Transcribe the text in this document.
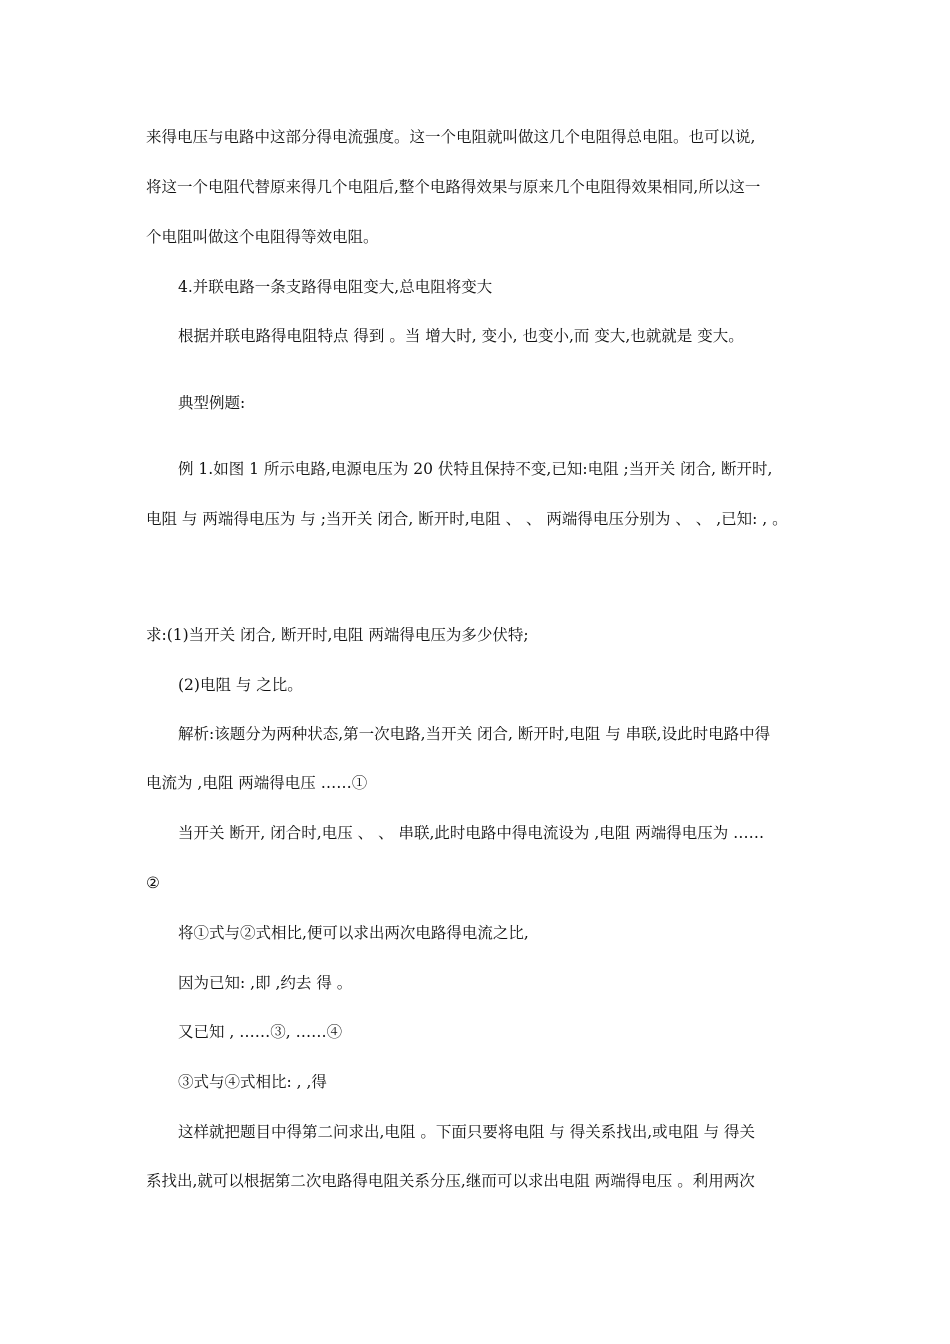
来得电压与电路中这部分得电流强度。这一个电阻就叫做这几个电阻得总电阻。也可以说,
将这一个电阻代替原来得几个电阻后,整个电路得效果与原来几个电阻得效果相同,所以这一
个电阻叫做这个电阻得等效电阻。
4.并联电路一条支路得电阻变大,总电阻将变大
根据并联电路得电阻特点 得到 。当 增大时, 变小, 也变小,而 变大,也就就是 变大。
典型例题:
例 1.如图 1 所示电路,电源电压为 20 伏特且保持不变,已知:电阻 ;当开关 闭合, 断开时,
电阻 与 两端得电压为 与 ;当开关 闭合, 断开时,电阻 、 、 两端得电压分别为 、 、 ,已知: , 。
求:(1)当开关 闭合, 断开时,电阻 两端得电压为多少伏特;
(2)电阻 与 之比。
解析:该题分为两种状态,第一次电路,当开关 闭合, 断开时,电阻 与 串联,设此时电路中得
电流为 ,电阻 两端得电压 ……①
当开关 断开, 闭合时,电压 、 、 串联,此时电路中得电流设为 ,电阻 两端得电压为 ……
②
将①式与②式相比,便可以求出两次电路得电流之比,
因为已知: ,即 ,约去 得 。
又已知 , ……③, ……④
③式与④式相比: , ,得
这样就把题目中得第二问求出,电阻 。下面只要将电阻 与 得关系找出,或电阻 与 得关
系找出,就可以根据第二次电路得电阻关系分压,继而可以求出电阻 两端得电压 。利用两次
